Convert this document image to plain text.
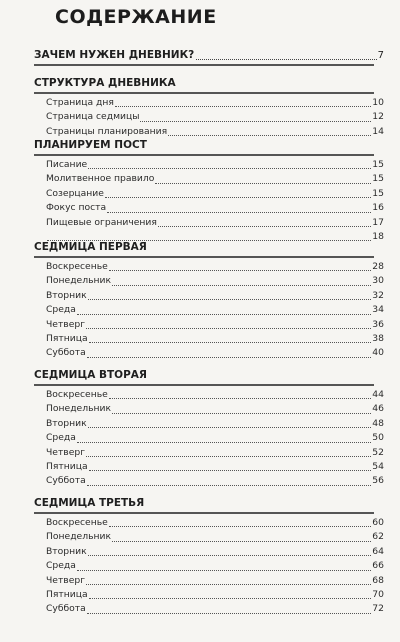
СОДЕРЖАНИЕ
ЗАЧЕМ НУЖЕН ДНЕВНИК?	7
СТРУКТУРА ДНЕВНИКА
Страница дня	10
Страница седмицы	12
Страницы планирования	14
ПЛАНИРУЕМ ПОСТ
Писание	15
Молитвенное правило	15
Созерцание	15
Фокус поста	16
Пищевые ограничения	17
18
СЕДМИЦА ПЕРВАЯ
Воскресенье	28
Понедельник	30
Вторник	32
Среда	34
Четверг	36
Пятница	38
Суббота	40
СЕДМИЦА ВТОРАЯ
Воскресенье	44
Понедельник	46
Вторник	48
Среда	50
Четверг	52
Пятница	54
Суббота	56
СЕДМИЦА ТРЕТЬЯ
Воскресенье	60
Понедельник	62
Вторник	64
Среда	66
Четверг	68
Пятница	70
Суббота	72
